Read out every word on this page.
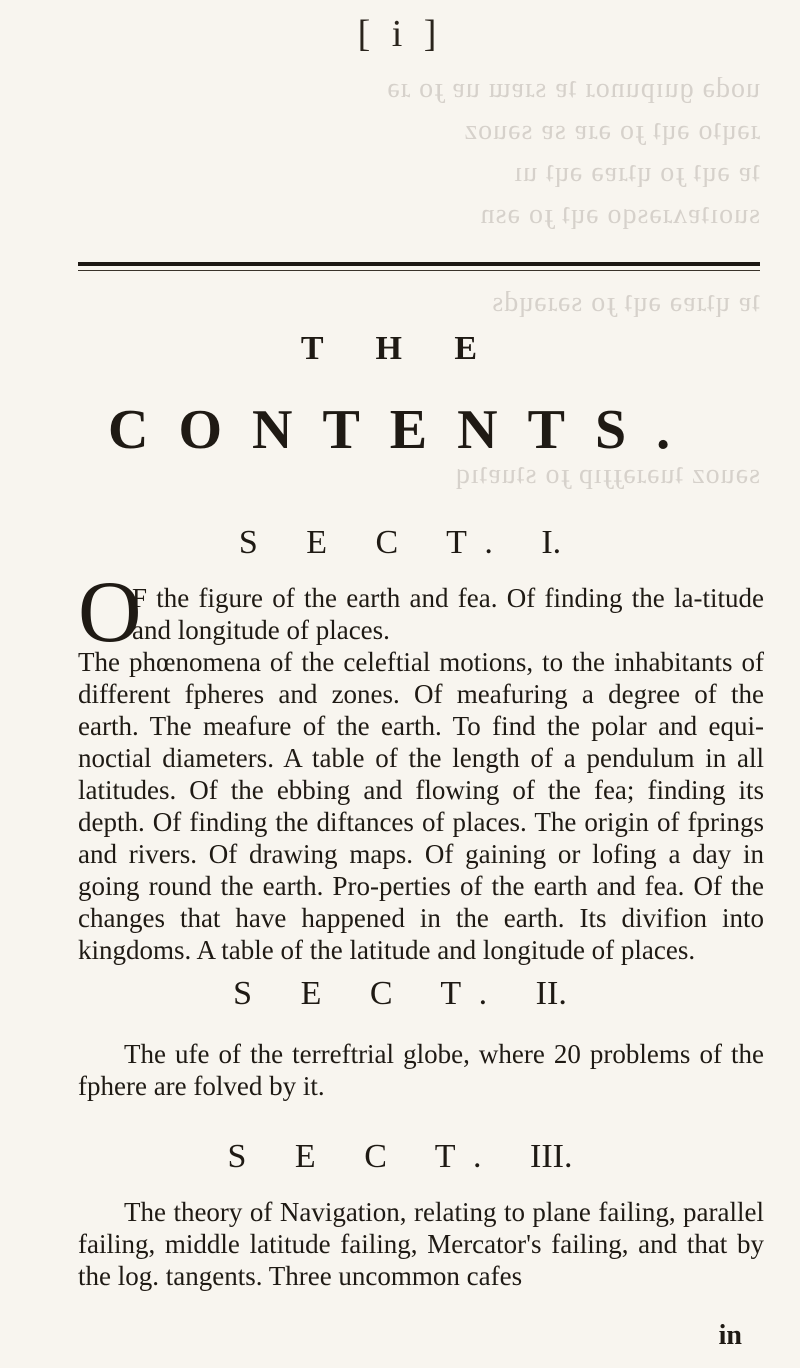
uodə ɡuɪpunoɹ ʇɐ sɹɐɯ uɐ ɟo ɹǝ
ɹǝɥʇo ǝɥʇ ɟo ǝɹɐ sɐ sǝuoz
ʇɐ ǝɥʇ ɟo ɥʇɹɐǝ ǝɥʇ uı
suoıʇɐʌɹǝsqo ǝɥʇ ɟo ǝsn
ʇɐ ɥʇɹɐǝ ǝɥʇ ɟo sǝɹǝɥds
sǝuoz ʇuǝɹǝɟɟıp ɟo sʇuɐʇıq
[ i ]
T H E
CONTENTS.
S E C T. I.
O
F the figure of the earth and fea. Of finding the la-titude and longitude of places.
The phœnomena of the celeftial motions, to the inhabitants of different fpheres and zones. Of meafuring a degree of the earth. The meafure of the earth. To find the polar and equi-noctial diameters. A table of the length of a pendulum in all latitudes. Of the ebbing and flowing of the fea; finding its depth. Of finding the diftances of places. The origin of fprings and rivers. Of drawing maps. Of gaining or lofing a day in going round the earth. Pro-perties of the earth and fea. Of the changes that have happened in the earth. Its divifion into kingdoms. A table of the latitude and longitude of places.
S E C T. II.

The ufe of the terreftrial globe, where 20 problems of the fphere are folved by it.

S E C T. III.

The theory of Navigation, relating to plane failing, parallel failing, middle latitude failing, Mercator's failing, and that by the log. tangents. Three uncommon cafes

in
